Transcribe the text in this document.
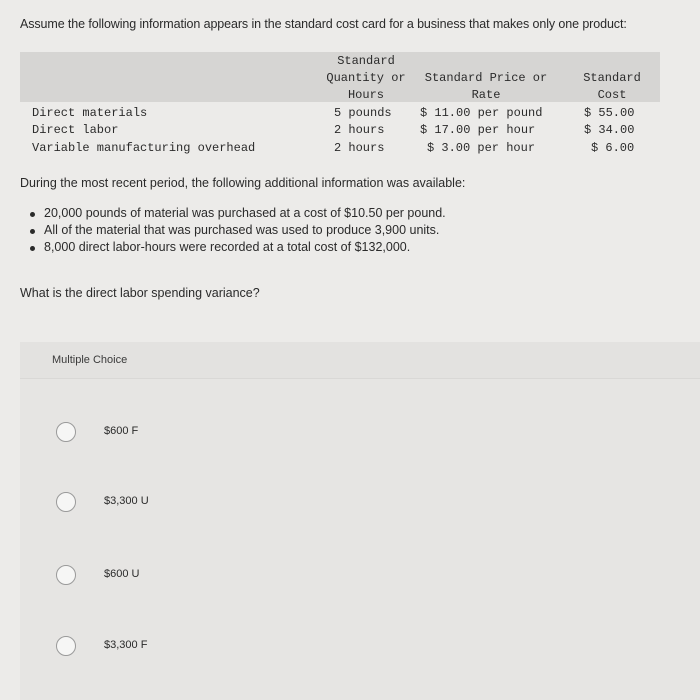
Assume the following information appears in the standard cost card for a business that makes only one product:
Standard
Quantity or
Hours
Standard Price or
Rate
Standard
Cost
Direct materials	5 pounds $ 11.00 per pound	$ 55.00
Direct labor	2 hours	$ 17.00 per hour	$ 34.00
Variable manufacturing overhead	2 hours	$ 3.00 per hour	$ 6.00
During the most recent period, the following additional information was available:
20,000 pounds of material was purchased at a cost of $10.50 per pound.
All of the material that was purchased was used to produce 3,900 units.
8,000 direct labor-hours were recorded at a total cost of $132,000.
What is the direct labor spending variance?
Multiple Choice
$600 F
$3,300 U
$600 U
$3,300 F
